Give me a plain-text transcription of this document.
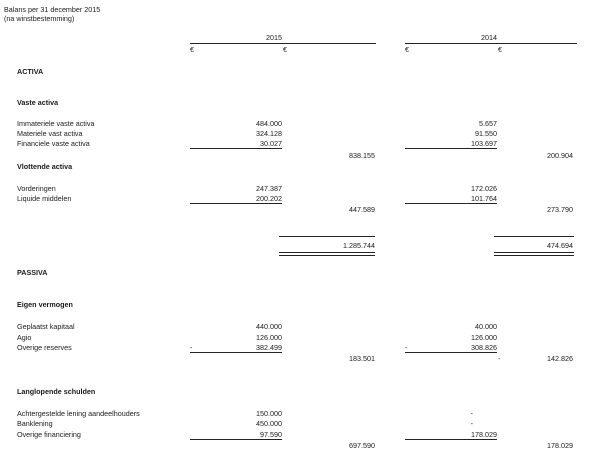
Balans per 31 december 2015
(na winstbestemming)
2015
€	€
2014
€	€
ACTIVA
Vaste activa
Immateriele vaste activa	484.000	5.657
Materiele vast activa	324.128	91.550
Financiele vaste activa	30.027	103.697
838.155	200.904
Vlottende activa
Vorderingen	247.387	172.026
Liquide middelen	200.202	101.764
447.589	273.790
1.285.744	474.694
PASSIVA
Eigen vermogen
Geplaatst kapitaal	440.000	40.000
Agio	126.000	126.000
Overige reserves	-	382.499	-	308.826
183.501	-	142.826
Langlopende schulden
Achtergestelde lening aandeelhouders	150.000	-
Banklening	450.000	-
Overige financiering	97.590	178.029
697.590	178.029
